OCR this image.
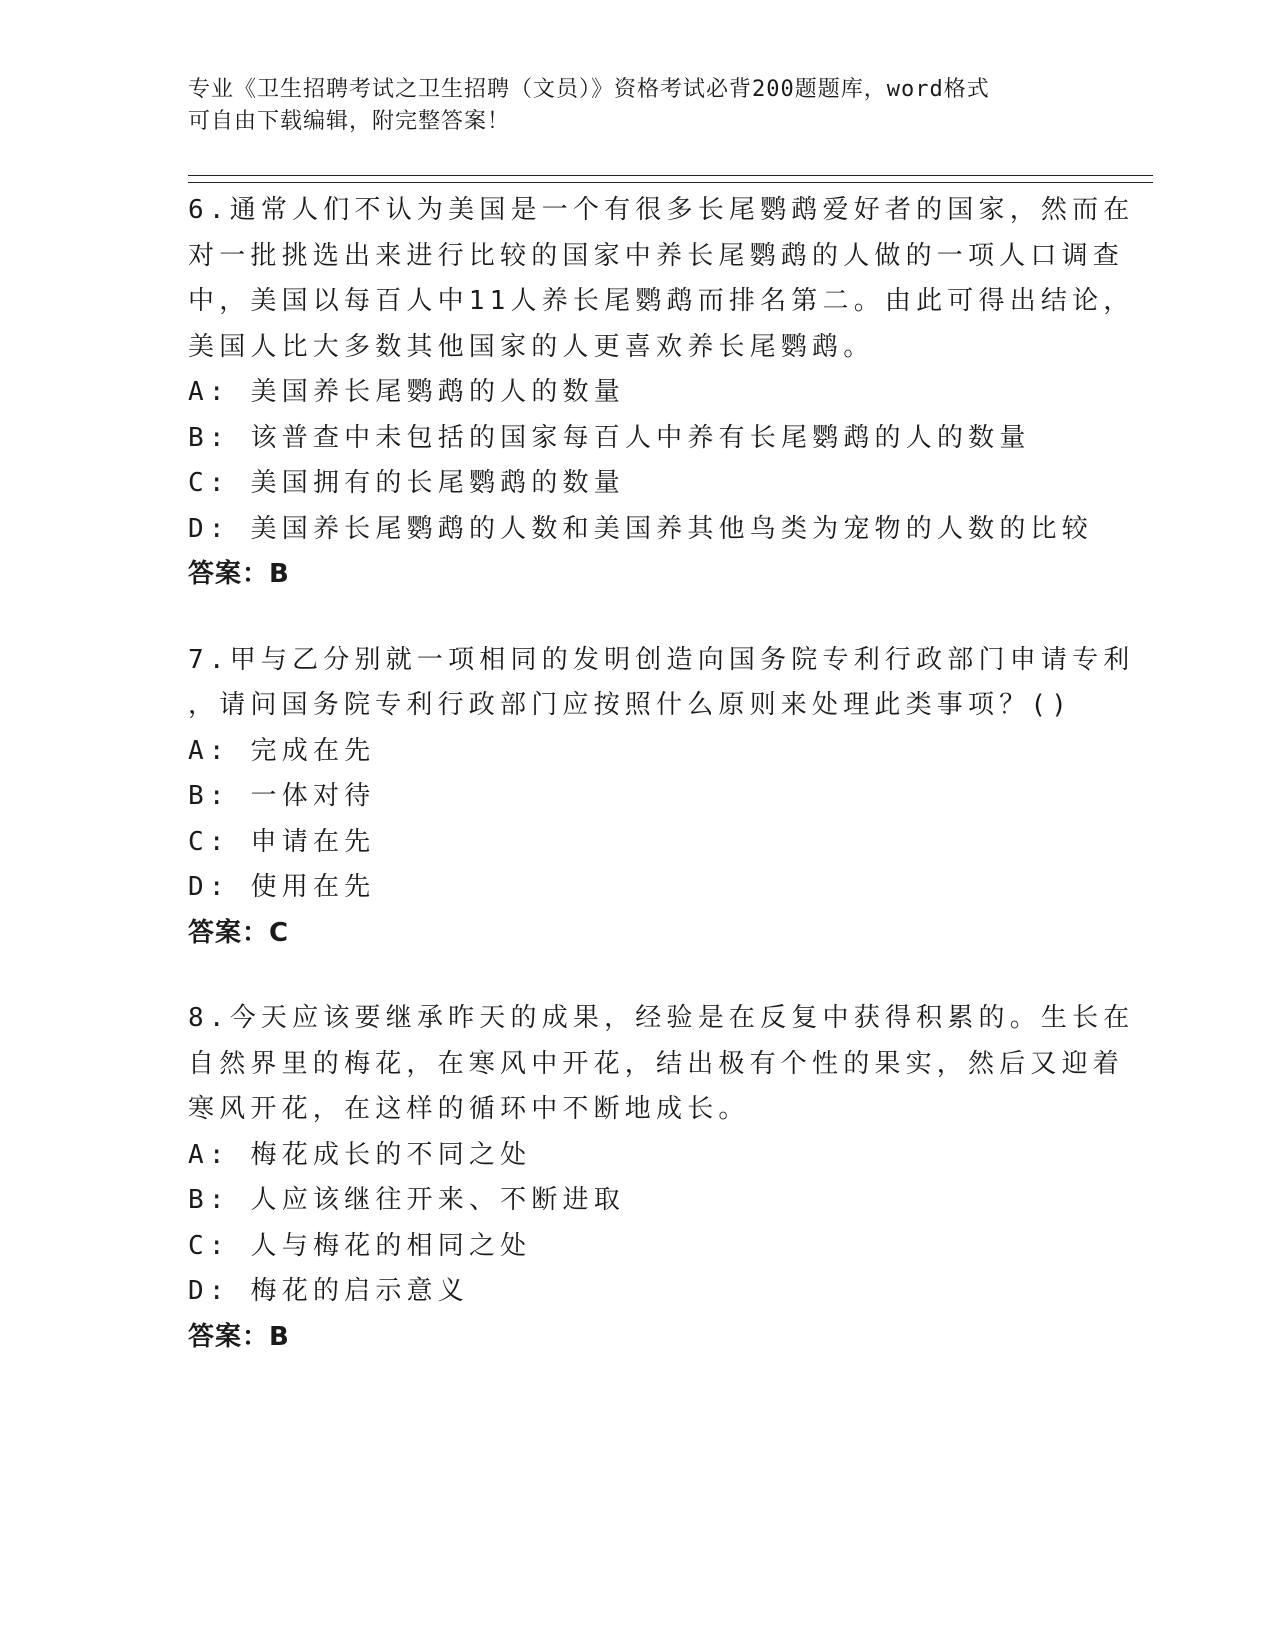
专业《卫生招聘考试之卫生招聘（文员）》资格考试必背200题题库，word格式
可自由下载编辑，附完整答案！
6.通常人们不认为美国是一个有很多长尾鹦鹉爱好者的国家，然而在
对一批挑选出来进行比较的国家中养长尾鹦鹉的人做的一项人口调查
中，美国以每百人中11人养长尾鹦鹉而排名第二。由此可得出结论，
美国人比大多数其他国家的人更喜欢养长尾鹦鹉。
A: 美国养长尾鹦鹉的人的数量
B: 该普查中未包括的国家每百人中养有长尾鹦鹉的人的数量
C: 美国拥有的长尾鹦鹉的数量
D: 美国养长尾鹦鹉的人数和美国养其他鸟类为宠物的人数的比较
答案：B
7.甲与乙分别就一项相同的发明创造向国务院专利行政部门申请专利
，请问国务院专利行政部门应按照什么原则来处理此类事项？()
A: 完成在先
B: 一体对待
C: 申请在先
D: 使用在先
答案：C
8.今天应该要继承昨天的成果，经验是在反复中获得积累的。生长在
自然界里的梅花，在寒风中开花，结出极有个性的果实，然后又迎着
寒风开花，在这样的循环中不断地成长。
A: 梅花成长的不同之处
B: 人应该继往开来、不断进取
C: 人与梅花的相同之处
D: 梅花的启示意义
答案：B
